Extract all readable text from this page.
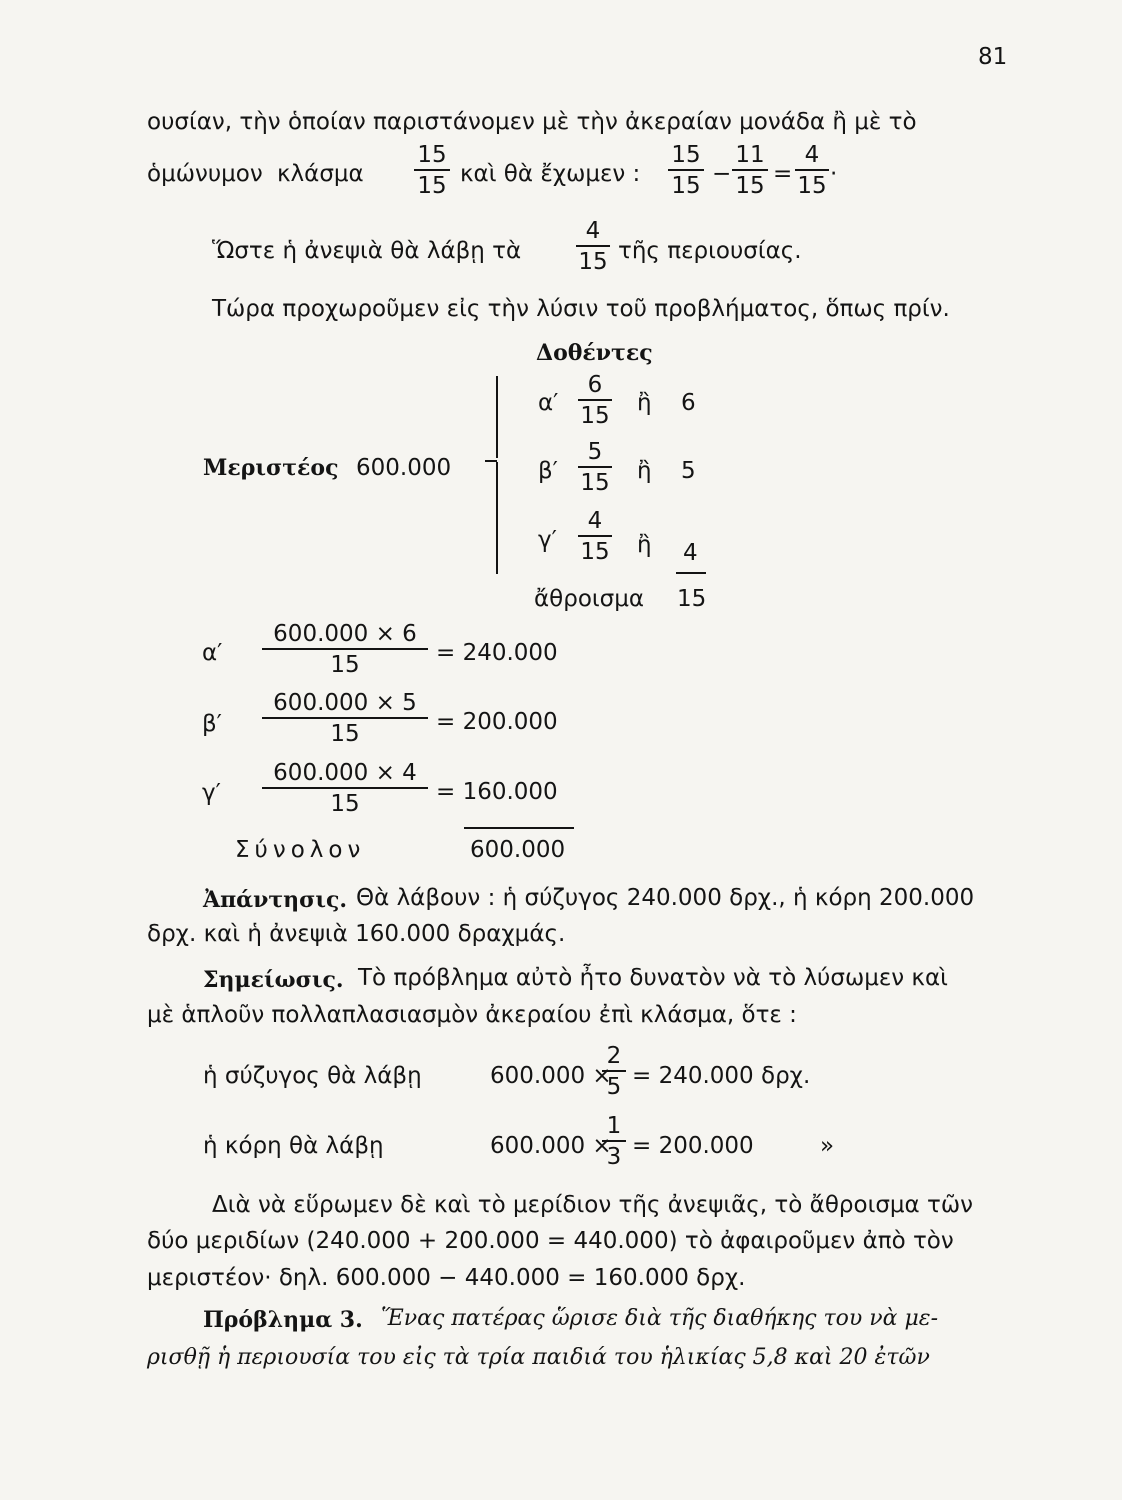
81
ουσίαν, τὴν ὁποίαν παριστάνομεν μὲ τὴν ἀκεραίαν μονάδα ἢ μὲ τὸ
ὁμώνυμον κλάσμα
15
15 καὶ θὰ ἔχωμεν :
15
15 −
11
15 =
4
15 ·
Ὥστε ἡ ἀνεψιὰ θὰ λάβῃ τὰ
4
15 τῆς περιουσίας.
Τώρα προχωροῦμεν εἰς τὴν λύσιν τοῦ προβλήματος, ὅπως πρίν.
Δοθέντες
Μεριστέος 600.000
α′
6
15 ἢ 6
β′
5
15 ἢ 5
γ′
4
15 ἢ 4
ἄθροισμα 15
α′
600.000 × 6
15	= 240.000
β′
600.000 × 5
15	= 200.000
γ′
600.000 × 4
15	= 160.000
Σύνολον	600.000
Ἀπάντησις. Θὰ λάβουν : ἡ σύζυγος 240.000 δρχ., ἡ κόρη 200.000
δρχ. καὶ ἡ ἀνεψιὰ 160.000 δραχμάς.
Σημείωσις. Τὸ πρόβλημα αὐτὸ ἦτο δυνατὸν νὰ τὸ λύσωμεν καὶ
μὲ ἁπλοῦν πολλαπλασιασμὸν ἀκεραίου ἐπὶ κλάσμα, ὅτε :
ἡ σύζυγος θὰ λάβῃ	600.000 ×
2
5 = 240.000 δρχ.
ἡ κόρη θὰ λάβῃ	600.000 ×
1
3 = 200.000	»
Διὰ νὰ εὕρωμεν δὲ καὶ τὸ μερίδιον τῆς ἀνεψιᾶς, τὸ ἄθροισμα τῶν
δύο μεριδίων (240.000 + 200.000 = 440.000) τὸ ἀφαιροῦμεν ἀπὸ τὸν
μεριστέον· δηλ. 600.000 − 440.000 = 160.000 δρχ.
Πρόβλημα 3. Ἕνας πατέρας ὥρισε διὰ τῆς διαθήκης του νὰ με-
ρισθῇ ἡ περιουσία του εἰς τὰ τρία παιδιά του ἡλικίας 5,8 καὶ 20 ἐτῶν
